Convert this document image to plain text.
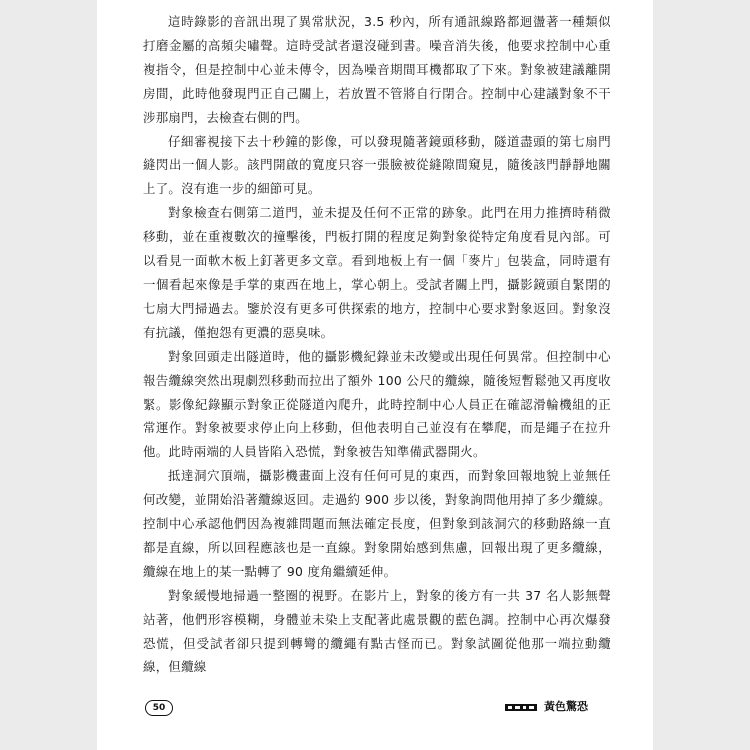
這時錄影的音訊出現了異常狀況，3.5 秒內，所有通訊線路都迴盪著一種類似打磨金屬的高頻尖嘯聲。這時受試者還沒碰到書。噪音消失後，他要求控制中心重複指令，但是控制中心並未傳令，因為噪音期間耳機都取了下來。對象被建議離開房間，此時他發現門正自己關上，若放置不管將自行閉合。控制中心建議對象不干涉那扇門，去檢查右側的門。

仔細審視接下去十秒鐘的影像，可以發現隨著鏡頭移動，隧道盡頭的第七扇門縫閃出一個人影。該門開啟的寬度只容一張臉被從縫隙間窺見，隨後該門靜靜地關上了。沒有進一步的細節可見。

對象檢查右側第二道門，並未提及任何不正常的跡象。此門在用力推擠時稍微移動，並在重複數次的撞擊後，門板打開的程度足夠對象從特定角度看見內部。可以看見一面軟木板上釘著更多文章。看到地板上有一個「麥片」包裝盒，同時還有一個看起來像是手掌的東西在地上，掌心朝上。受試者關上門，攝影鏡頭自緊閉的七扇大門掃過去。鑒於沒有更多可供探索的地方，控制中心要求對象返回。對象沒有抗議，僅抱怨有更濃的惡臭味。

對象回頭走出隧道時，他的攝影機紀錄並未改變或出現任何異常。但控制中心報告纜線突然出現劇烈移動而拉出了額外 100 公尺的纜線，隨後短暫鬆弛又再度收緊。影像紀錄顯示對象正從隧道內爬升，此時控制中心人員正在確認滑輪機組的正常運作。對象被要求停止向上移動，但他表明自己並沒有在攀爬，而是繩子在拉升他。此時兩端的人員皆陷入恐慌，對象被告知準備武器開火。

抵達洞穴頂端，攝影機畫面上沒有任何可見的東西，而對象回報地貌上並無任何改變，並開始沿著纜線返回。走過約 900 步以後，對象詢問他用掉了多少纜線。控制中心承認他們因為複雜問題而無法確定長度，但對象到該洞穴的移動路線一直都是直線，所以回程應該也是一直線。對象開始感到焦慮，回報出現了更多纜線，纜線在地上的某一點轉了 90 度角繼續延伸。

對象緩慢地掃過一整圈的視野。在影片上，對象的後方有一共 37 名人影無聲站著，他們形容模糊，身體並未染上支配著此處景觀的藍色調。控制中心再次爆發恐慌，但受試者卻只提到轉彎的纜繩有點古怪而已。對象試圖從他那一端拉動纜線，但纜線

50	黃色驚恐
